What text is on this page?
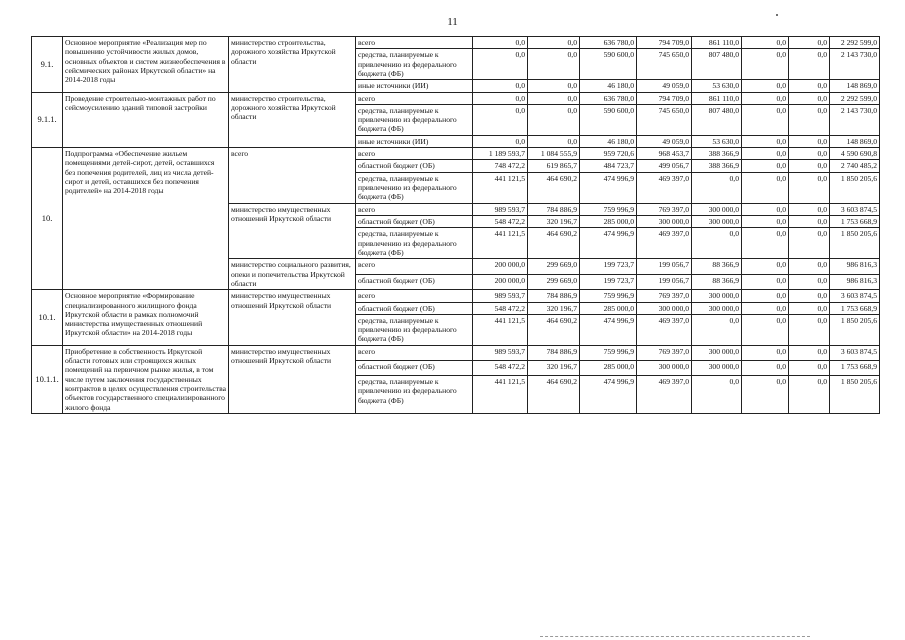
11
9.1.	Основное мероприятие «Реализация мер по повышению устойчивости жилых домов, основных объектов и систем жизнеобеспечения в сейсмических районах Иркутской области» на 2014-2018 годы	министерство строительства, дорожного хозяйства Иркутской области	всего	0,0	0,0	636 780,0	794 709,0	861 110,0	0,0	0,0	2 292 599,0
			средства, планируемые к привлечению из федерального бюджета (ФБ)	0,0	0,0	590 600,0	745 650,0	807 480,0	0,0	0,0	2 143 730,0
			иные источники (ИИ)	0,0	0,0	46 180,0	49 059,0	53 630,0	0,0	0,0	148 869,0
9.1.1.	Проведение строительно-монтажных работ по сейсмоусилению зданий типовой застройки	министерство строительства, дорожного хозяйства Иркутской области	всего	0,0	0,0	636 780,0	794 709,0	861 110,0	0,0	0,0	2 292 599,0
			средства, планируемые к привлечению из федерального бюджета (ФБ)	0,0	0,0	590 600,0	745 650,0	807 480,0	0,0	0,0	2 143 730,0
			иные источники (ИИ)	0,0	0,0	46 180,0	49 059,0	53 630,0	0,0	0,0	148 869,0
10.	Подпрограмма «Обеспечение жильем помещениями детей-сирот, детей, оставшихся без попечения родителей, лиц из числа детей-сирот и детей, оставшихся без попечения родителей» на 2014-2018 годы	всего	всего	1 189 593,7	1 084 555,9	959 720,6	968 453,7	388 366,9	0,0	0,0	4 590 690,8
			областной бюджет (ОБ)	748 472,2	619 865,7	484 723,7	499 056,7	388 366,9	0,0	0,0	2 740 485,2
			средства, планируемые к привлечению из федерального бюджета (ФБ)	441 121,5	464 690,2	474 996,9	469 397,0	0,0	0,0	0,0	1 850 205,6
		министерство имущественных отношений Иркутской области	всего	989 593,7	784 886,9	759 996,9	769 397,0	300 000,0	0,0	0,0	3 603 874,5
			областной бюджет (ОБ)	548 472,2	320 196,7	285 000,0	300 000,0	300 000,0	0,0	0,0	1 753 668,9
			средства, планируемые к привлечению из федерального бюджета (ФБ)	441 121,5	464 690,2	474 996,9	469 397,0	0,0	0,0	0,0	1 850 205,6
		министерство социального развития, опеки и попечительства Иркутской области	всего	200 000,0	299 669,0	199 723,7	199 056,7	88 366,9	0,0	0,0	986 816,3
			областной бюджет (ОБ)	200 000,0	299 669,0	199 723,7	199 056,7	88 366,9	0,0	0,0	986 816,3
10.1.	Основное мероприятие «Формирование специализированного жилищного фонда Иркутской области в рамках полномочий министерства имущественных отношений Иркутской области» на 2014-2018 годы	министерство имущественных отношений Иркутской области	всего	989 593,7	784 886,9	759 996,9	769 397,0	300 000,0	0,0	0,0	3 603 874,5
			областной бюджет (ОБ)	548 472,2	320 196,7	285 000,0	300 000,0	300 000,0	0,0	0,0	1 753 668,9
			средства, планируемые к привлечению из федерального бюджета (ФБ)	441 121,5	464 690,2	474 996,9	469 397,0	0,0	0,0	0,0	1 850 205,6
10.1.1.	Приобретение в собственность Иркутской области готовых или строящихся жилых помещений на первичном рынке жилья, в том числе путем заключения государственных контрактов в целях осуществления строительства объектов государственного специализированного жилого фонда	министерство имущественных отношений Иркутской области	всего	989 593,7	784 886,9	759 996,9	769 397,0	300 000,0	0,0	0,0	3 603 874,5
			областной бюджет (ОБ)	548 472,2	320 196,7	285 000,0	300 000,0	300 000,0	0,0	0,0	1 753 668,9
			средства, планируемые к привлечению из федерального бюджета (ФБ)	441 121,5	464 690,2	474 996,9	469 397,0	0,0	0,0	0,0	1 850 205,6
